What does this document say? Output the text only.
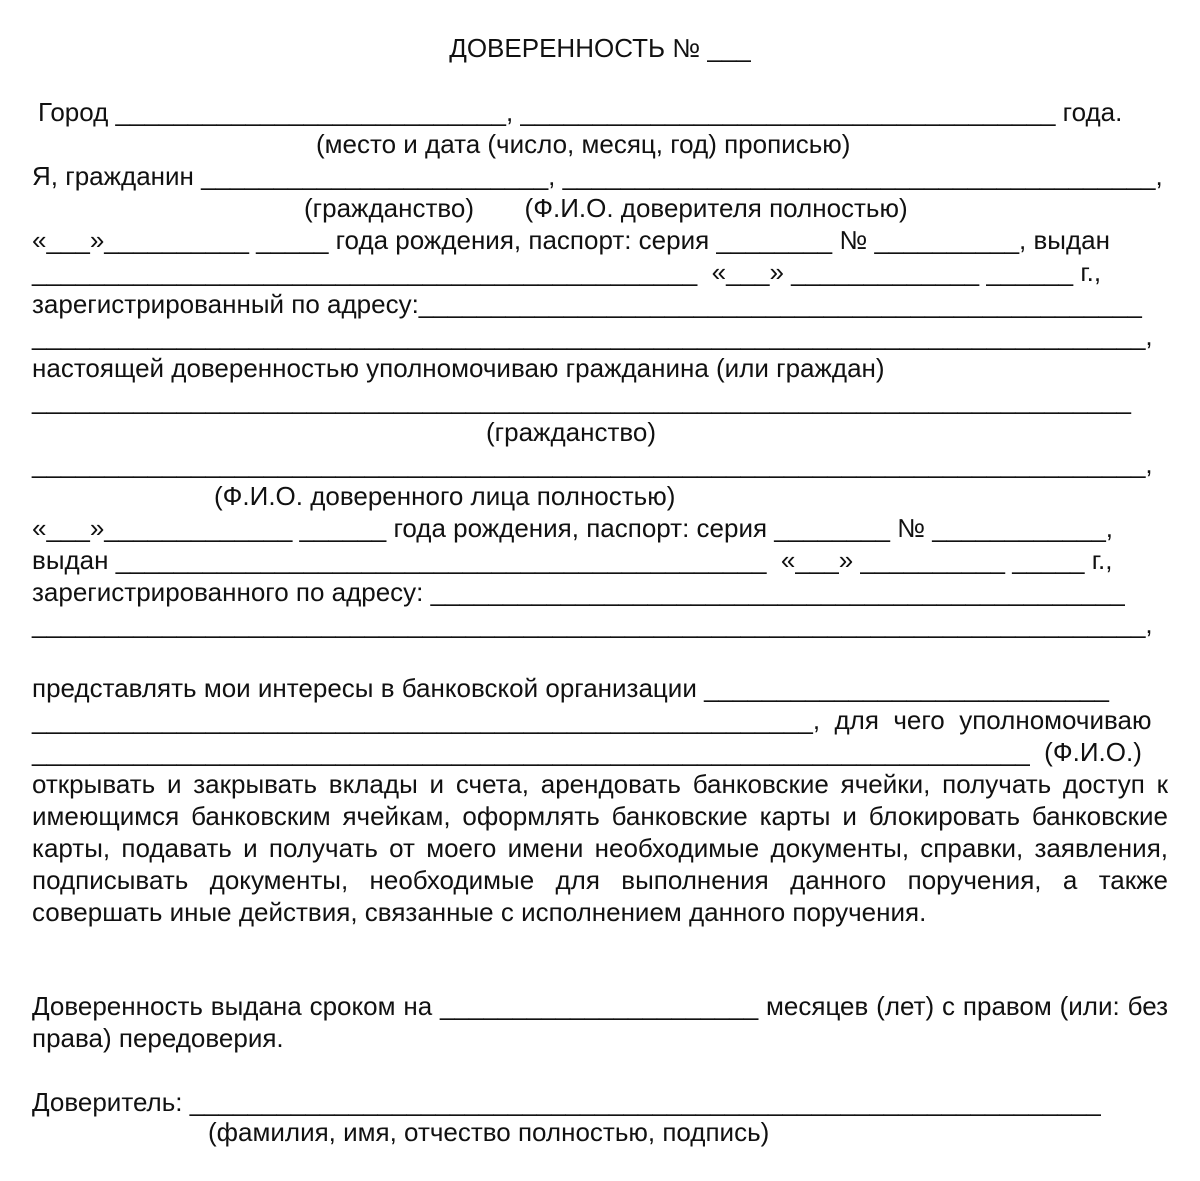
ДОВЕРЕННОСТЬ № ___
Город ___________________________, _____________________________________ года.
(место и дата (число, месяц, год) прописью)
Я, гражданин ________________________, _________________________________________,
(гражданство)       (Ф.И.О. доверителя полностью)
«___»__________ _____ года рождения, паспорт: серия ________ № __________, выдан
______________________________________________  «___» _____________ ______ г.,
зарегистрированный по адресу:__________________________________________________
_____________________________________________________________________________,
настоящей доверенностью уполномочиваю гражданина (или граждан)
____________________________________________________________________________
(гражданство)
_____________________________________________________________________________,
(Ф.И.О. доверенного лица полностью)
«___»_____________ ______ года рождения, паспорт: серия ________ № ____________,
выдан _____________________________________________  «___» __________ _____ г.,
зарегистрированного по адресу: ________________________________________________
_____________________________________________________________________________,
представлять мои интересы в банковской организации ____________________________
______________________________________________________,  для  чего  уполномочиваю
_____________________________________________________________________  (Ф.И.О.)
открывать и закрывать вклады и счета, арендовать банковские ячейки, получать доступ к имеющимся банковским ячейкам, оформлять банковские карты и блокировать банковские карты, подавать и получать от моего имени необходимые документы, справки, заявления, подписывать документы, необходимые для выполнения данного поручения, а также совершать иные действия, связанные с исполнением данного поручения.
Доверенность выдана сроком на ______________________ месяцев (лет) с правом (или: без права) передоверия.
Доверитель: _______________________________________________________________
(фамилия, имя, отчество полностью, подпись)
